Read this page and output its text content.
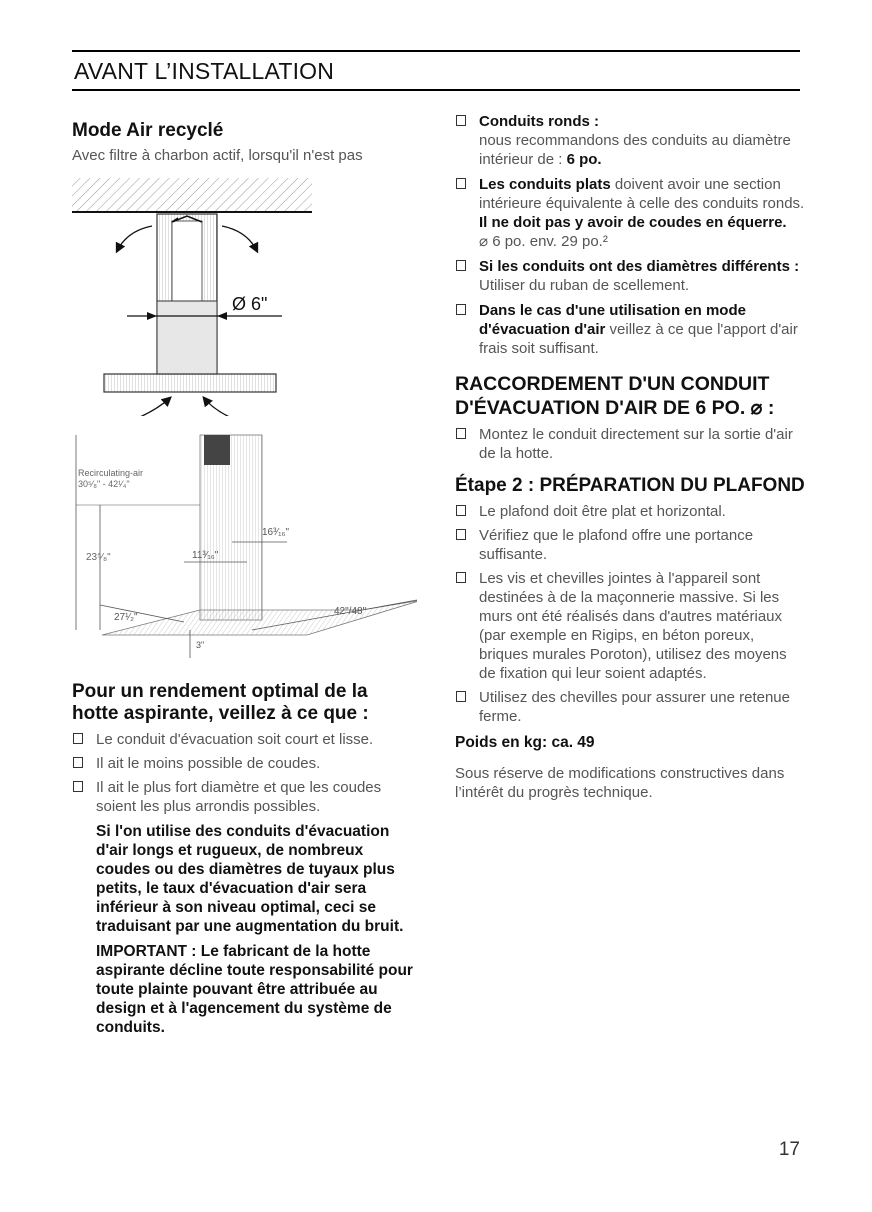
AVANT L’INSTALLATION
Mode Air recyclé

Avec filtre à charbon actif, lorsqu'il n'est pas

Ø 6"
Recirculating-air
30⁵⁄₈" - 42¹⁄₄"
23⁵⁄₈"
16³⁄₁₆"
11³⁄₁₆"
27¹⁄₂"
42"/48"
3"
Pour un rendement optimal de la hotte aspirante, veillez à ce que :
Le conduit d'évacuation soit court et lisse.
Il ait le moins possible de coudes.
Il ait le plus fort diamètre et que les coudes soient les plus arrondis possibles.

Si l'on utilise des conduits d'évacuation d'air longs et rugueux, de nombreux coudes ou des diamètres de tuyaux plus petits, le taux d'évacuation d'air sera inférieur à son niveau optimal, ceci se traduisant par une augmentation du bruit.

IMPORTANT : Le fabricant de la hotte aspirante décline toute responsabilité pour toute plainte pouvant être attribuée au design et à l'agencement du système de conduits.

Conduits ronds :
nous recommandons des conduits au diamètre intérieur de : 6 po.
Les conduits plats doivent avoir une section intérieure équivalente à celle des conduits ronds.
Il ne doit pas y avoir de coudes en équerre.
⌀ 6 po. env. 29 po.²
Si les conduits ont des diamètres différents :
Utiliser du ruban de scellement.
Dans le cas d'une utilisation en mode d'évacuation d'air veillez à ce que l'apport d'air frais soit suffisant.
RACCORDEMENT D'UN CONDUIT D'ÉVACUATION D'AIR DE 6 PO. ⌀ :
Montez le conduit directement sur la sortie d'air de la hotte.
Étape 2 : PRÉPARATION DU PLAFOND
Le plafond doit être plat et horizontal.
Vérifiez que le plafond offre une portance suffisante.
Les vis et chevilles jointes à l'appareil sont destinées à de la maçonnerie massive. Si les murs ont été réalisés dans d'autres matériaux (par exemple en Rigips, en béton poreux, briques murales Poroton), utilisez des moyens de fixation qui leur soient adaptés.
Utilisez des chevilles pour assurer une retenue ferme.
Poids en kg: ca. 49
Sous réserve de modifications constructives dans l’intérêt du progrès technique.
17
